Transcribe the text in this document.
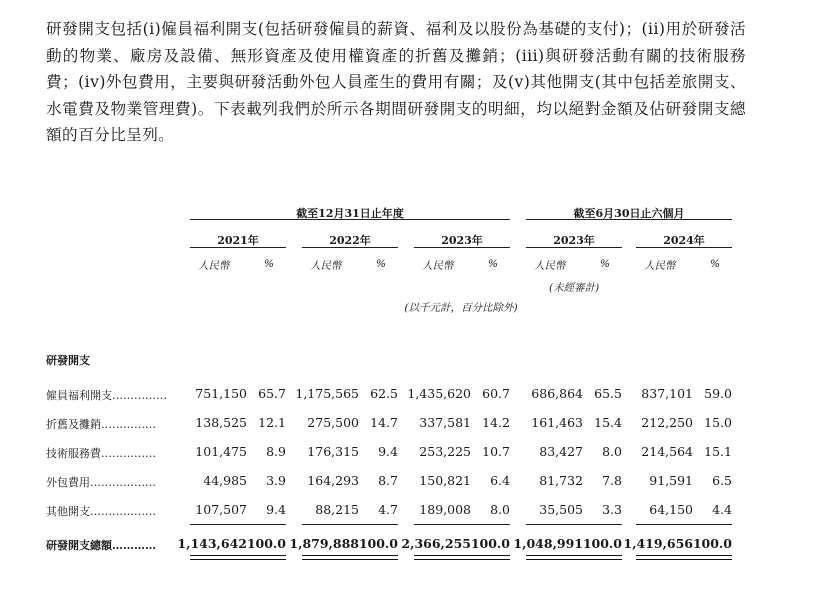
研發開支包括(i)僱員福利開支(包括研發僱員的薪資、福利及以股份為基礎的支付)；(ii)用於研發活動的物業、廠房及設備、無形資產及使用權資產的折舊及攤銷；(iii)與研發活動有關的技術服務費；(iv)外包費用，主要與研發活動外包人員產生的費用有關；及(v)其他開支(其中包括差旅開支、水電費及物業管理費)。下表載列我們於所示各期間研發開支的明細，均以絕對金額及佔研發開支總額的百分比呈列。

截至12月31日止年度	截至6月30日止六個月
2021年	2022年	2023年	2023年	2024年
人民幣	%	人民幣	%	人民幣	%	人民幣	%	人民幣	%
(未經審計)
(以千元計，百分比除外)
研發開支
僱員福利開支……………	751,150 65.7 1,175,565 62.5 1,435,620 60.7	686,864 65.5	837,101 59.0
折舊及攤銷……………	138,525 12.1	275,500 14.7	337,581 14.2	161,463 15.4	212,250 15.0
技術服務費……………	101,475	8.9	176,315	9.4	253,225 10.7	83,427	8.0	214,564 15.1
外包費用………………	44,985	3.9	164,293	8.7	150,821	6.4	81,732	7.8	91,591	6.5
其他開支………………	107,507	9.4	88,215	4.7	189,008	8.0	35,505	3.3	64,150	4.4
研發開支總額…………	1,143,642 100.0 1,879,888 100.0 2,366,255 100.0 1,048,991 100.0 1,419,656 100.0
